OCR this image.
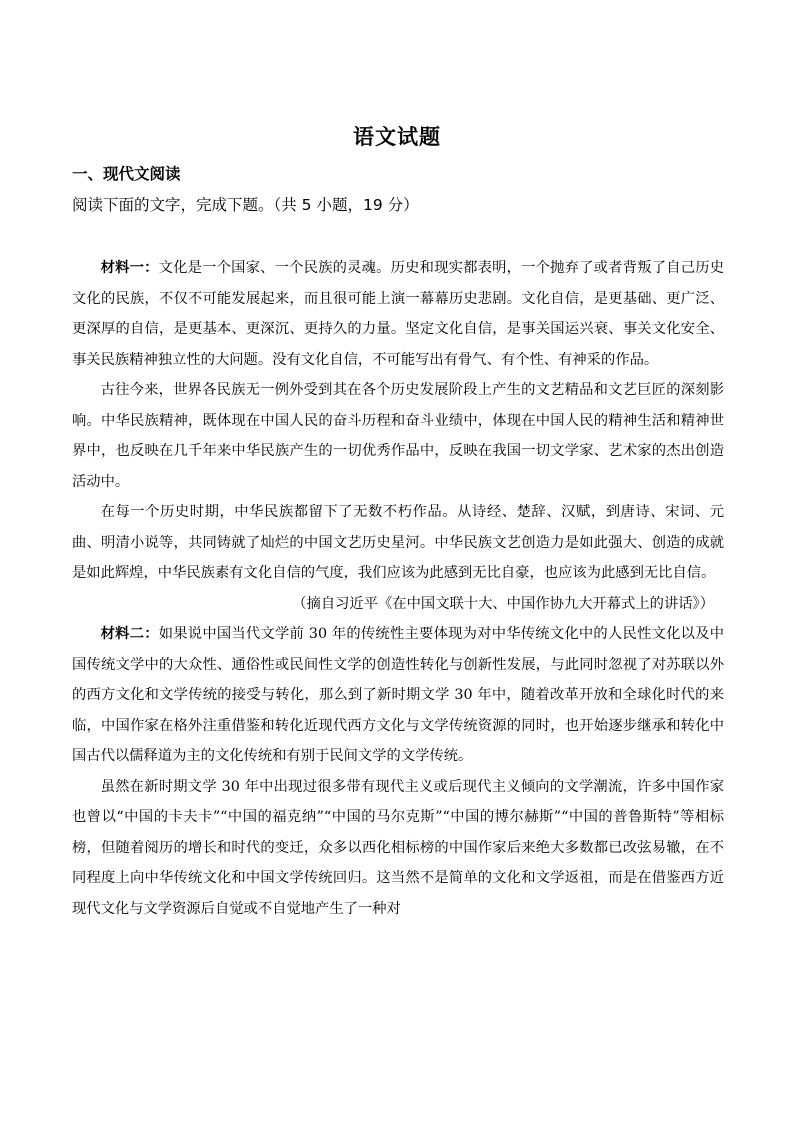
语文试题
一、现代文阅读
阅读下面的文字，完成下题。（共 5 小题，19 分）

材料一：文化是一个国家、一个民族的灵魂。历史和现实都表明，一个抛弃了或者背叛了自己历史文化的民族，不仅不可能发展起来，而且很可能上演一幕幕历史悲剧。文化自信，是更基础、更广泛、更深厚的自信，是更基本、更深沉、更持久的力量。坚定文化自信，是事关国运兴衰、事关文化安全、事关民族精神独立性的大问题。没有文化自信，不可能写出有骨气、有个性、有神采的作品。

古往今来，世界各民族无一例外受到其在各个历史发展阶段上产生的文艺精品和文艺巨匠的深刻影响。中华民族精神，既体现在中国人民的奋斗历程和奋斗业绩中，体现在中国人民的精神生活和精神世界中，也反映在几千年来中华民族产生的一切优秀作品中，反映在我国一切文学家、艺术家的杰出创造活动中。

在每一个历史时期，中华民族都留下了无数不朽作品。从诗经、楚辞、汉赋，到唐诗、宋词、元曲、明清小说等，共同铸就了灿烂的中国文艺历史星河。中华民族文艺创造力是如此强大、创造的成就是如此辉煌，中华民族素有文化自信的气度，我们应该为此感到无比自豪，也应该为此感到无比自信。

（摘自习近平《在中国文联十大、中国作协九大开幕式上的讲话》）

材料二：如果说中国当代文学前 30 年的传统性主要体现为对中华传统文化中的人民性文化以及中国传统文学中的大众性、通俗性或民间性文学的创造性转化与创新性发展，与此同时忽视了对苏联以外的西方文化和文学传统的接受与转化，那么到了新时期文学 30 年中，随着改革开放和全球化时代的来临，中国作家在格外注重借鉴和转化近现代西方文化与文学传统资源的同时，也开始逐步继承和转化中国古代以儒释道为主的文化传统和有别于民间文学的文学传统。

虽然在新时期文学 30 年中出现过很多带有现代主义或后现代主义倾向的文学潮流，许多中国作家也曾以“中国的卡夫卡”“中国的福克纳”“中国的马尔克斯”“中国的博尔赫斯”“中国的普鲁斯特”等相标榜，但随着阅历的增长和时代的变迁，众多以西化相标榜的中国作家后来绝大多数都已改弦易辙，在不同程度上向中华传统文化和中国文学传统回归。这当然不是简单的文化和文学返祖，而是在借鉴西方近现代文化与文学资源后自觉或不自觉地产生了一种对
